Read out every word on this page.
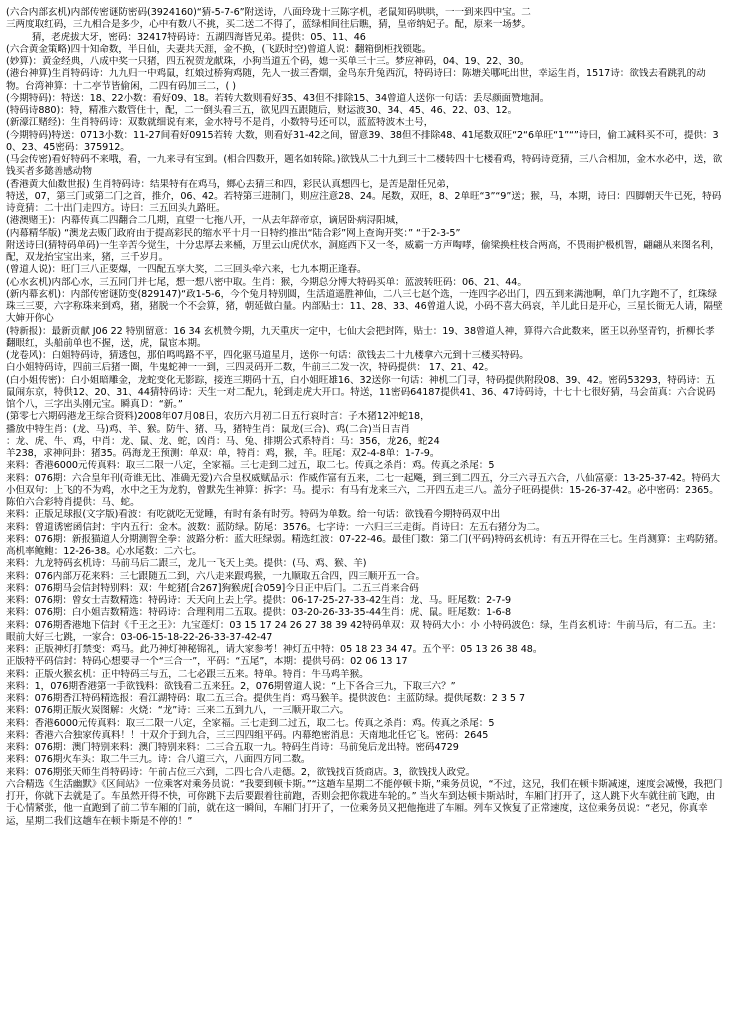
(六合内部玄机)内部传密谜防密码(3924160)“猜-5-7-6”附送诗，八面玲珑十三陈字机，老鼠知码哄哄，一一到来四中宝。二
三两度取红码，三九相合是多少，心中有数八不挑，买二送二不得了，蓝绿相间往后瞧，猜，皇帝纳妃子。配，原来一场梦。
猜，老虎拔大牙，密码：32417特码诗：五湖四海皆兄弟。提供：05、11、46
(六合黄金策略)四十知命数，半日仙，夫妻共天涯，金不换，(飞跃时空)曾道人说：翻箱倒柜找锁匙。
(妙算)：黄金经典，八成中奖一只猪，四五祝贺龙献珠，小狗当道五个码，媳一买单三十三。梦应神码，04、19、22、30。
(港台神算)生肖特码诗：九九归一中鸡鼠，红娘过桥狗鸡随，先人一拔三香烟，金鸟东升兔西沉，特码诗曰：陈塘关哪吒出世，幸运生肖，1517诗：欲钱去看跳乳的动物。台湾神算：十二亭节皆偷闲，二四有码加三二，( )
(今期特码)：特送：18、22小数：看好09、18。若转大数则看好35、43但不排除15、34曾道人送你一句话：丢尽颜面赞地洞。
(特码诗880)：特，精准六数管住十，配，二一倒头看三五，欲见四五跟随后，财运波30、34、45、46、22、03、12。
(新濠江赌经)：生肖特码诗：双数就细说有来，金水特号不是肖，小数特号还可以，蓝蓝特波木土号，
(今期特码)特送：0713小数：11-27间看好0915若转 大数，则看好31-42之间，留意39、38但不排除48、41尾数双旺“2“6单旺“1”“”诗曰，偷工减料买不可，提供：30、23、45密码：375912。
(马会传密)看好特码不来哦，看，一九来寻有宝到。(相合四数开，题名如转除。)欲钱从二十九到三十二楼转四十七楼看鸡，特码诗竟猜，三八合相加，金木水必中，送，欲钱买者多懿善感动物
(香港黄大仙数世报) 生肖特码诗：结果特有在鸡马，鄉心去猜三和四，彩民认真想四七，是苦是甜任兄弟，
特送，07，第三门或第二门之首，推介，06、42。若特第三进制门，则应注意28、24。尾数，双旺，8、2单旺“3”“9”送；猴，马，本期，诗曰：四脚朝天牛已死，特码诗竟猜：二十出门走四方。诗曰：三五回头九路旺。
(港澳赌王)：内幕传真二四翻合二几期，直望一七拖八开，一从去年辞帝京，谪居卧病浔阳城，
(内幕精华版) “澳龙去贩门政府由于提高彩民的缩水平十月一日特约推出“陆合彩”网上查询开奖：” “于2-3-5”
附送诗曰(猜特码单码)一生辛苦今觉生，十分忠厚去来桶，万里云山虎伏水，洞庭西下又一冬，威霸一方声啕哮，偷梁换柱枝合两高，不畏雨护极机智，翩翩从来图名利，配，双龙抬宝宝出来，猪，三千岁月。
(曾道人说)：旺门三八正要爆，一四配五享大奖，二三回头牵六来，七九本期正逢春。
(心水玄机)内部心水，三五同门并七尾，想一想八密中取。生肖：猴，今期总分博大特码买单：蓝波转旺码：06、21、44。
(新内幕玄机)：内部传密谜防变(829147)“政1-5-6，今个兔月特别圆，生活道遥胜神仙，二八三七赵个选，一连四字必出门，四五到来满池啊，单门九字跑不了，红珠绿珠三三要，六字称珠来到鸡，猪，猪脱一个不会算，猪，朝延做白量。内部贴士：11、28、33、46曾道人说，小码不喜大码哀，羊儿此日是开心，三星长衙无人请，隔壁大婶开你心
(特新报)：最新贡献 J06 22 特别留意：16 34 玄机赞今期，九天重庆一定中，七仙大会把封阵，贴士：19、38曾道人神，算得六合此数来，匿王以孙坚青钓，折柳长孝翻眼红，头船前单也不握，送，虎，鼠宦本期。
(龙卷风)：白姐特码诗，猜透包，那伯鸣鸣路不平，四化驱马道星月，送你一句话：欲钱去二十九楼拿六元到十三楼买特码。
白小姐特码诗，四前三后猪一圈，牛鬼蛇神一一到，三四灵码开二数，牛前三二发一次，特码提供： 17、21、42。
(白小姐传密)：白小姐暗雕金，龙蛇变化无影踪，接连三期码十五，白小姐旺雄16、32送你一句话：神机二门寻，特码提供附段08、39、42。密码53293，特码诗：五鼠闹东京，特供12、20、31、44猜特码诗：天生一对二配九，轮到走虎大开口。特送，11密码64187提供41、36、47诗码诗，十七十七很好猜，马会苗真：六合说码馆个八，三字出头刚元宝。瞬真Ｄ：“新。”
(第零七六期码港龙王综合资料)2008年07月08日，农历六月初二日五行哀时言：子木猪12冲蛇18，
播放中特生肖：(龙、马)鸡、羊、猴。防牛、猪、马，猪特生肖：鼠龙(三合)、鸡(二合)当日吉肖
：龙、虎、牛、鸡，中肖：龙、鼠、龙、蛇，凶肖：马、兔、排期公式系特肖：马：356，龙26，蛇24
羊238，求神问卦：猪35。码海龙王预测：单双：单，特肖：鸡，猴，羊。旺尾：双2-4-8单：1-7-9。
来料：香港6000元传真料：取三二限一八定，全家福。三七走到二过五，取二七。传真之杀肖：鸡。传真之杀尾：5
来料：076期：六合皇年刊(奇谁无比、准确无爱)六合皇权威赋品示：作威作富有五来，二七一起飚，到三到二四五，分三六寻五六合，八仙富豪：13-25-37-42。特码大小但双句：上飞的不为鸡，水中之王为龙豹，曾默先生神算：拆字：马。提示：有马有龙来三六，二开四五走三八。盖分子旺码提供：15-26-37-42。必中密码：2365。陈伯六合彩特肖提供：马、蛇。
来料：正版足球报(文字版)看波：有吃就吃无觉睡，有时有条有时劳。特码为单数。给一句话：欲钱看今期特码双中出
来料：曾道诱密函信封：宇内五行：金木。波数：蓝防绿。防尾：3576。七字诗：一六归三三走街。肖诗曰：左五右猪分为二。
来料：076期：新报猫道人分期测智全拳：波路分析：蓝大旺绿弱。精选红波：07-22-46。最佳门数：第二门(平码)特码玄机诗：有五开得在三七。生肖测算：主鸡防猪。高机率鲍鲍：12-26-38。心水尾数：二六七。
来料：九龙特码玄机诗：马前马后二跟三，龙儿一飞天上美。提供：(马、鸡、猴、羊)
来料：076内部万花来料：三七跟随五二到，六八走来跟鸡猴，一九顺取五合四，四三顺开五一合。
来料：076期马会信封特别料：双：牛蛇猪[合267]狗猴虎[合059]今日正中后门。二五三肖来合码
来料：076期：曾女士吉数精选：特码诗：天天向上去上学。提供：06-17-25-27-33-42生肖：龙、马。旺尾数：2-7-9
来料：076期：白小姐吉数精选：特码诗：合理利用二五取。提供：03-20-26-33-35-44生肖：虎、鼠。旺尾数：1-6-8
来料：076期香港地下信封《千王之王》：九宝莲灯：03 15 17 24 26 27 38 39 42特码单双：双 特码大小：小 小特码波色：绿，生肖玄机诗：牛前马后，有二五。主：眼前大好三七跳，一家合：03-06-15-18-22-26-33-37-42-47
来料：正版神灯打禁变：鸡马。此乃神灯神秘锦礼，请大家参考！神灯五中特：05 18 23 34 47。五个平：05 13 26 38 48。
正版特平码信封：特码心想要寻一个“三合一”，平码：“五尾”，本期：提供号码：02 06 13 17
来料：正版火猴玄机：正中特码三与五，二七必跟三五来。特单。特肖：牛马鸡羊猴。
来料：1，076期香港第一手欲钱料：欲钱看二五来狂。2，076期曾道人说：“上下各合三九，下取三六？”
来料：076期香江特码精选报：看江湖特码：取二五三合。提供生肖：鸡马猴羊。提供波色：主蓝防绿。提供尾数：2 3 5 7
来料：076期正版火炭图解：火烧：“龙”诗：三来二五到九八，一三顺开取二六。
来料：香港6000元传真料：取三二限一八定，全家福。三七走到二过五，取二七。传真之杀肖：鸡。传真之杀尾：5
来料：香港六合独家传真料！！十双介于到九合，三三四四组平码。内幕绝密消息：天南地北任它飞。密码：2645
来料：076期：澳门特别来料：澳门特别来料：二三合五取一九。特码生肖诗：马前兔后龙出特。密码4729
来料：076期火车头：取二牛三九。诗：合八道三六，八面四方同二数。
来料：076期张天师生肖特码诗：午前占位三六到，二四七合八走德。2，欲钱找百货商店。3，欲钱找人政党。
六合精选《生活幽默》《区间站》一位乘客对乘务员说：“我要到顿卡斯。”“这趟车星期二不能停顿卡斯，”乘务员说，“不过，这兄，我们在顿卡斯减速，速度会减慢，我把门打开，你就下去就是了。车虽然开得不快，可你跳下去后要跟着往前跑，否则会把你栽进车轮的。” 当火车到达顿卡斯站时，车厢门打开了，这人跳下火车就往前飞跑，由于心情紧张，他一直跑到了前二节车厢的门前，就在这一瞬间，车厢门打开了，一位乘务员又把他拖进了车厢。列车又恢复了正常速度，这位乘务员说：“老兄，你真幸运，星期二我们这趟车在顿卡斯是不停的！”
